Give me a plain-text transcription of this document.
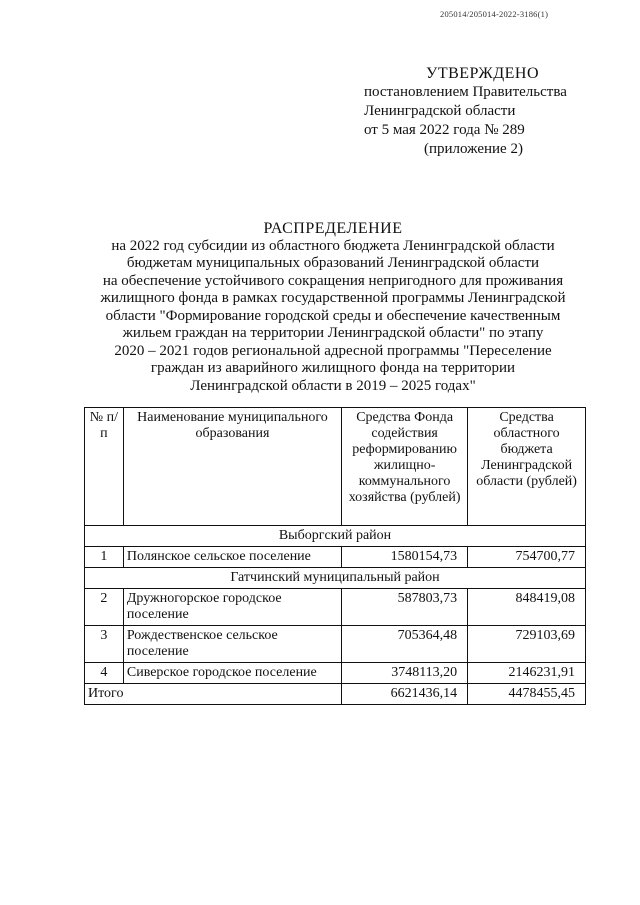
205014/205014-2022-3186(1)
УТВЕРЖДЕНО
постановлением Правительства
Ленинградской области
от 5 мая 2022 года № 289
(приложение 2)
РАСПРЕДЕЛЕНИЕ
на 2022 год субсидии из областного бюджета Ленинградской области
бюджетам муниципальных образований Ленинградской области
на обеспечение устойчивого сокращения непригодного для проживания
жилищного фонда в рамках государственной программы Ленинградской
области "Формирование городской среды и обеспечение качественным
жильем граждан на территории Ленинградской области" по этапу
2020 – 2021 годов региональной адресной программы "Переселение
граждан из аварийного жилищного фонда на территории
Ленинградской области в 2019 – 2025 годах"
№ п/п	Наименование муниципального образования	Средства Фонда содействия реформированию жилищно-коммунального хозяйства (рублей)	Средства областного бюджета Ленинградской области (рублей)
Выборгский район			
1	Полянское сельское поселение	1580154,73	754700,77
Гатчинский муниципальный район			
2	Дружногорское городское поселение	587803,73	848419,08
3	Рождественское сельское поселение	705364,48	729103,69
4	Сиверское городское поселение	3748113,20	2146231,91
Итого		6621436,14	4478455,45
